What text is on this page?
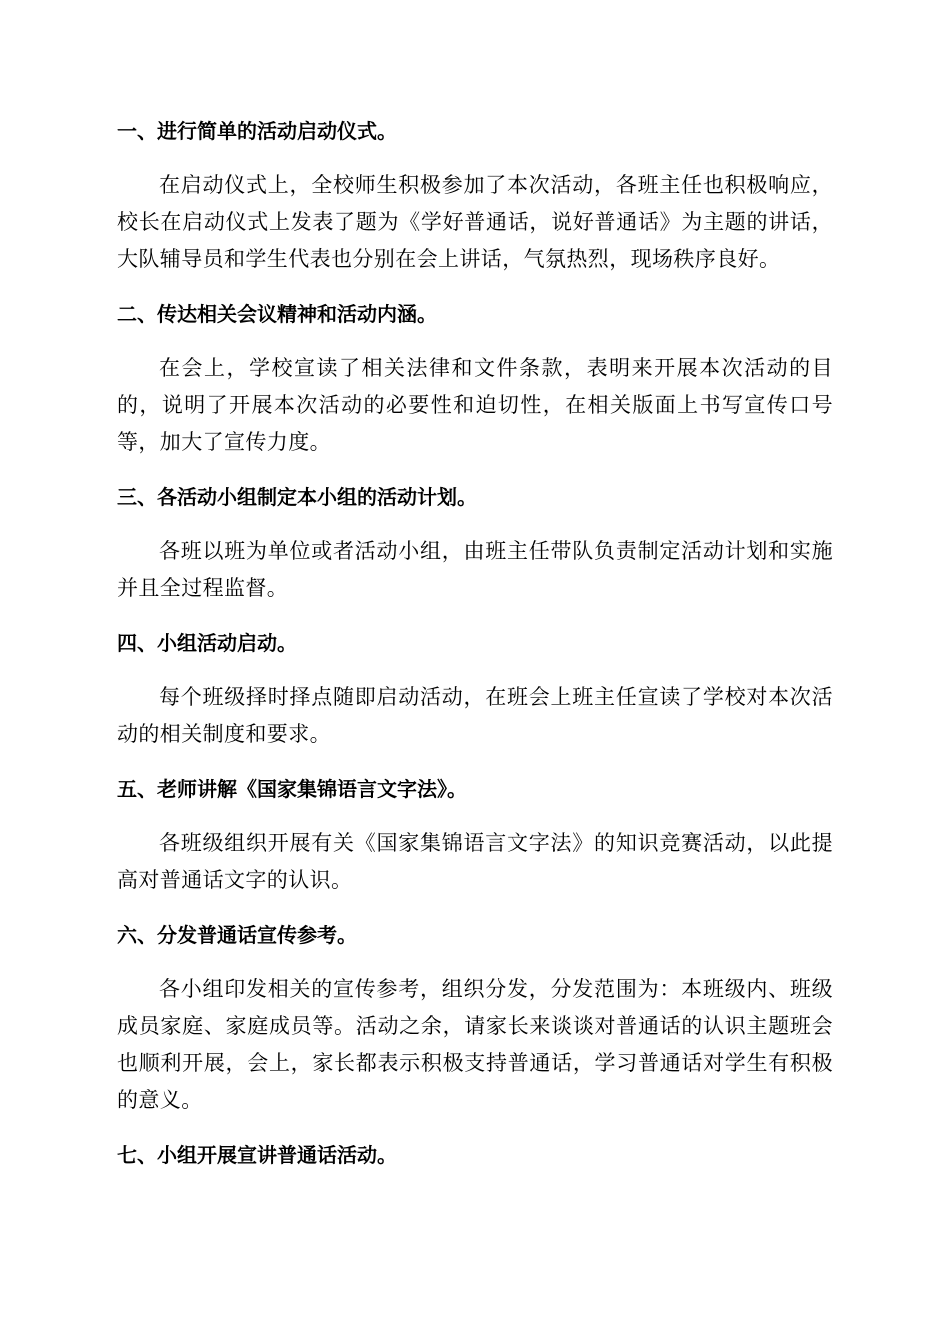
一、进行简单的活动启动仪式。

在启动仪式上，全校师生积极参加了本次活动，各班主任也积极响应，校长在启动仪式上发表了题为《学好普通话，说好普通话》为主题的讲话，大队辅导员和学生代表也分别在会上讲话，气氛热烈，现场秩序良好。

二、传达相关会议精神和活动内涵。

在会上，学校宣读了相关法律和文件条款，表明来开展本次活动的目的，说明了开展本次活动的必要性和迫切性，在相关版面上书写宣传口号等，加大了宣传力度。

三、各活动小组制定本小组的活动计划。

各班以班为单位或者活动小组，由班主任带队负责制定活动计划和实施并且全过程监督。

四、小组活动启动。

每个班级择时择点随即启动活动，在班会上班主任宣读了学校对本次活动的相关制度和要求。

五、老师讲解《国家集锦语言文字法》。

各班级组织开展有关《国家集锦语言文字法》的知识竞赛活动，以此提高对普通话文字的认识。

六、分发普通话宣传参考。

各小组印发相关的宣传参考，组织分发，分发范围为：本班级内、班级成员家庭、家庭成员等。活动之余，请家长来谈谈对普通话的认识主题班会也顺利开展，会上，家长都表示积极支持普通话，学习普通话对学生有积极的意义。

七、小组开展宣讲普通话活动。
